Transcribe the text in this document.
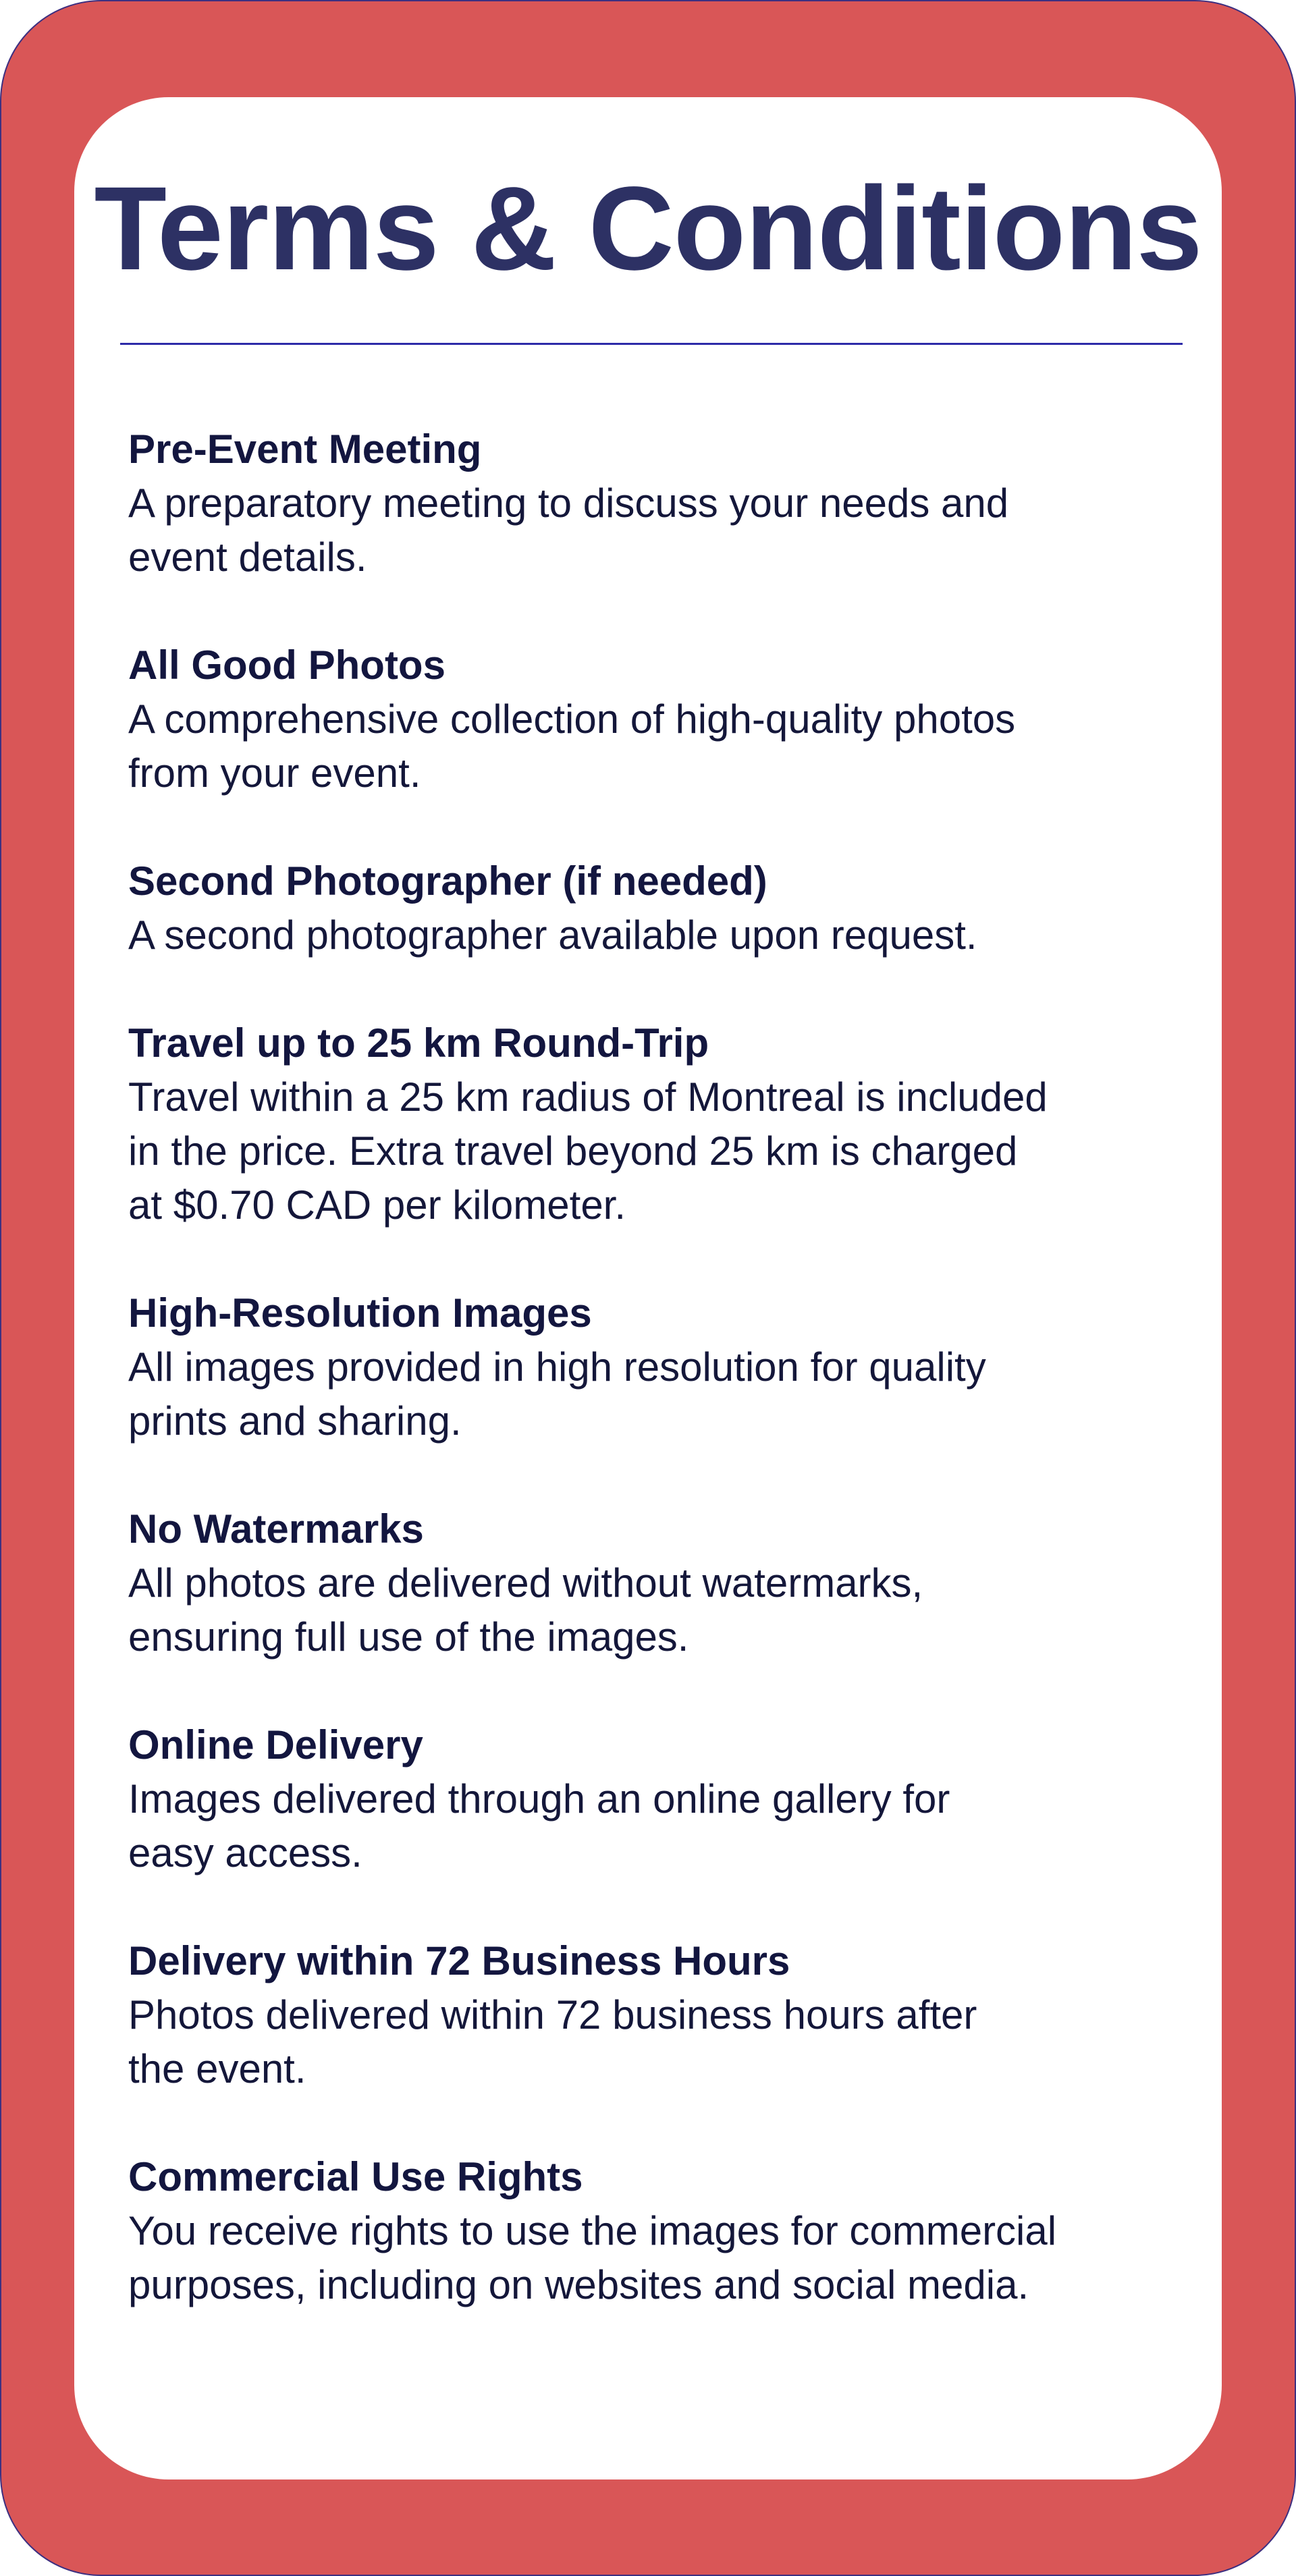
Terms & Conditions

Pre-Event Meeting

A preparatory meeting to discuss your needs and
event details.

All Good Photos

A comprehensive collection of high-quality photos
from your event.

Second Photographer (if needed)

A second photographer available upon request.

Travel up to 25 km Round-Trip

Travel within a 25 km radius of Montreal is included
in the price. Extra travel beyond 25 km is charged
at $0.70 CAD per kilometer.

High-Resolution Images

All images provided in high resolution for quality
prints and sharing.

No Watermarks

All photos are delivered without watermarks,
ensuring full use of the images.

Online Delivery

Images delivered through an online gallery for
easy access.

Delivery within 72 Business Hours

Photos delivered within 72 business hours after
the event.

Commercial Use Rights

You receive rights to use the images for commercial
purposes, including on websites and social media.
